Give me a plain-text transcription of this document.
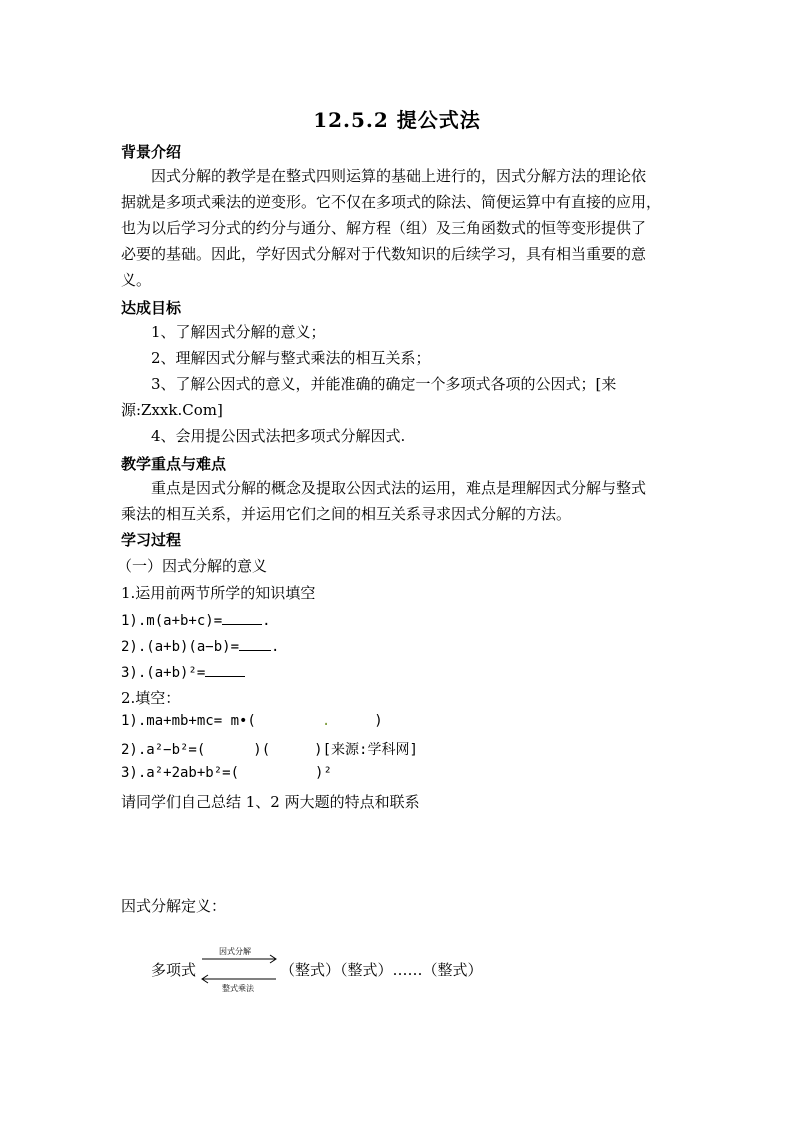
12.5.2 提公式法
背景介绍
因式分解的教学是在整式四则运算的基础上进行的，因式分解方法的理论依
据就是多项式乘法的逆变形。它不仅在多项式的除法、简便运算中有直接的应用，
也为以后学习分式的约分与通分、解方程（组）及三角函数式的恒等变形提供了
必要的基础。因此，学好因式分解对于代数知识的后续学习，具有相当重要的意
义。
达成目标
1、了解因式分解的意义；
2、理解因式分解与整式乘法的相互关系；
3、了解公因式的意义，并能准确的确定一个多项式各项的公因式；[来
源:Zxxk.Com]
4、会用提公因式法把多项式分解因式.
教学重点与难点
重点是因式分解的概念及提取公因式法的运用，难点是理解因式分解与整式
乘法的相互关系，并运用它们之间的相互关系寻求因式分解的方法。
学习过程
（一）因式分解的意义
1.运用前两节所学的知识填空
1).m(a+b+c)=	.
2).(a+b)(a−b)= .
3).(a+b)²=
2.填空：
1).ma+mb+mc= m•(	.	)
2).a²−b²=(	)(	)[来源:学科网]
3).a²+2ab+b²=(	)²
请同学们自己总结 1、2 两大题的特点和联系
因式分解定义：
多项式
因式分解
整式乘法
（整式）（整式）……（整式）
